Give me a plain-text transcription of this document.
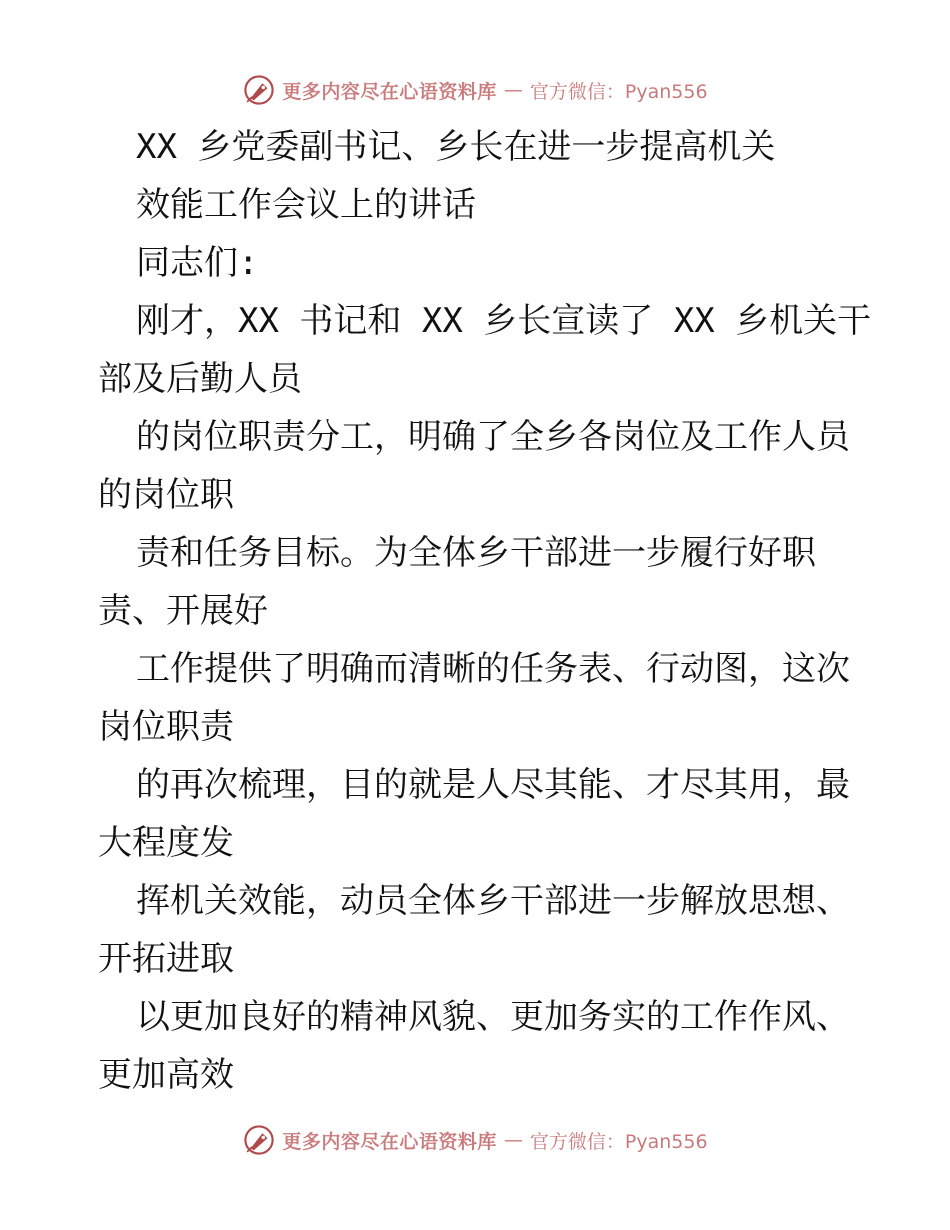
更多内容尽在心语资料库 — 官方微信：Pyan556
XX 乡党委副书记、乡长在进一步提高机关
效能工作会议上的讲话
同志们:
刚才，XX 书记和 XX 乡长宣读了 XX 乡机关干
部及后勤人员
的岗位职责分工，明确了全乡各岗位及工作人员
的岗位职
责和任务目标。为全体乡干部进一步履行好职
责、开展好
工作提供了明确而清晰的任务表、行动图，这次
岗位职责
的再次梳理，目的就是人尽其能、才尽其用，最
大程度发
挥机关效能，动员全体乡干部进一步解放思想、
开拓进取
以更加良好的精神风貌、更加务实的工作作风、
更加高效
更多内容尽在心语资料库 — 官方微信：Pyan556
